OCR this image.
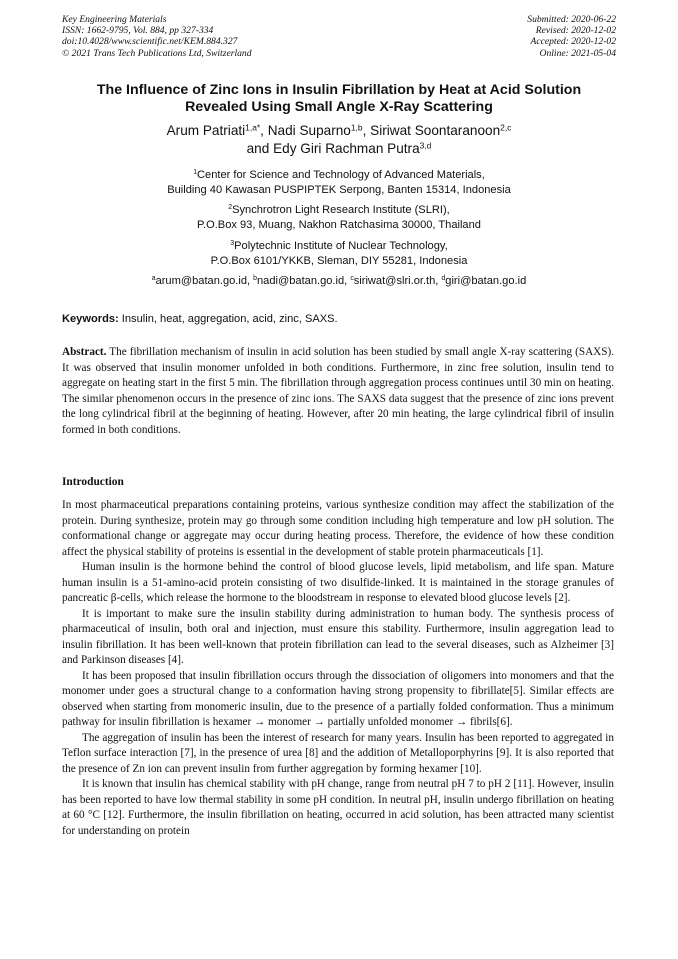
Key Engineering Materials
ISSN: 1662-9795, Vol. 884, pp 327-334
doi:10.4028/www.scientific.net/KEM.884.327
© 2021 Trans Tech Publications Ltd, Switzerland
Submitted: 2020-06-22
Revised: 2020-12-02
Accepted: 2020-12-02
Online: 2021-05-04
The Influence of Zinc Ions in Insulin Fibrillation by Heat at Acid Solution
Revealed Using Small Angle X-Ray Scattering
Arum Patriati$^{1,a*}$, Nadi Suparno$^{1,b}$, Siriwat Soontaranoon$^{2,c}$
and Edy Giri Rachman Putra$^{3,d}$
$^1$Center for Science and Technology of Advanced Materials,
Building 40 Kawasan PUSPIPTEK Serpong, Banten 15314, Indonesia
$^2$Synchrotron Light Research Institute (SLRI),
P.O.Box 93, Muang, Nakhon Ratchasima 30000, Thailand
$^3$Polytechnic Institute of Nuclear Technology,
P.O.Box 6101/YKKB, Sleman, DIY 55281, Indonesia
$^a$arum@batan.go.id, $^b$nadi@batan.go.id, $^c$siriwat@slri.or.th, $^d$giri@batan.go.id
Keywords: Insulin, heat, aggregation, acid, zinc, SAXS.
Abstract. The fibrillation mechanism of insulin in acid solution has been studied by small angle X-ray scattering (SAXS). It was observed that insulin monomer unfolded in both conditions. Furthermore, in zinc free solution, insulin tend to aggregate on heating start in the first 5 min. The fibrillation through aggregation process continues until 30 min on heating. The similar phenomenon occurs in the presence of zinc ions. The SAXS data suggest that the presence of zinc ions prevent the long cylindrical fibril at the beginning of heating. However, after 20 min heating, the large cylindrical fibril of insulin formed in both conditions.
Introduction

In most pharmaceutical preparations containing proteins, various synthesize condition may affect the stabilization of the protein. During synthesize, protein may go through some condition including high temperature and low pH solution. The conformational change or aggregate may occur during heating process. Therefore, the evidence of how these condition affect the physical stability of proteins is essential in the development of stable protein pharmaceuticals [1].

Human insulin is the hormone behind the control of blood glucose levels, lipid metabolism, and life span. Mature human insulin is a 51-amino-acid protein consisting of two disulfide-linked. It is maintained in the storage granules of pancreatic β-cells, which release the hormone to the bloodstream in response to elevated blood glucose levels [2].

It is important to make sure the insulin stability during administration to human body. The synthesis process of pharmaceutical of insulin, both oral and injection, must ensure this stability. Furthermore, insulin aggregation lead to insulin fibrillation. It has been well-known that protein fibrillation can lead to the several diseases, such as Alzheimer [3] and Parkinson diseases [4].

It has been proposed that insulin fibrillation occurs through the dissociation of oligomers into monomers and that the monomer under goes a structural change to a conformation having strong propensity to fibrillate[5]. Similar effects are observed when starting from monomeric insulin, due to the presence of a partially folded conformation. Thus a minimum pathway for insulin fibrillation is hexamer → monomer → partially unfolded monomer → fibrils[6].

The aggregation of insulin has been the interest of research for many years. Insulin has been reported to aggregated in Teflon surface interaction [7], in the presence of urea [8] and the addition of Metalloporphyrins [9]. It is also reported that the presence of Zn ion can prevent insulin from further aggregation by forming hexamer [10].

It is known that insulin has chemical stability with pH change, range from neutral pH 7 to pH 2 [11]. However, insulin has been reported to have low thermal stability in some pH condition. In neutral pH, insulin undergo fibrillation on heating at 60 °C [12]. Furthermore, the insulin fibrillation on heating, occurred in acid solution, has been attracted many scientist for understanding on protein
